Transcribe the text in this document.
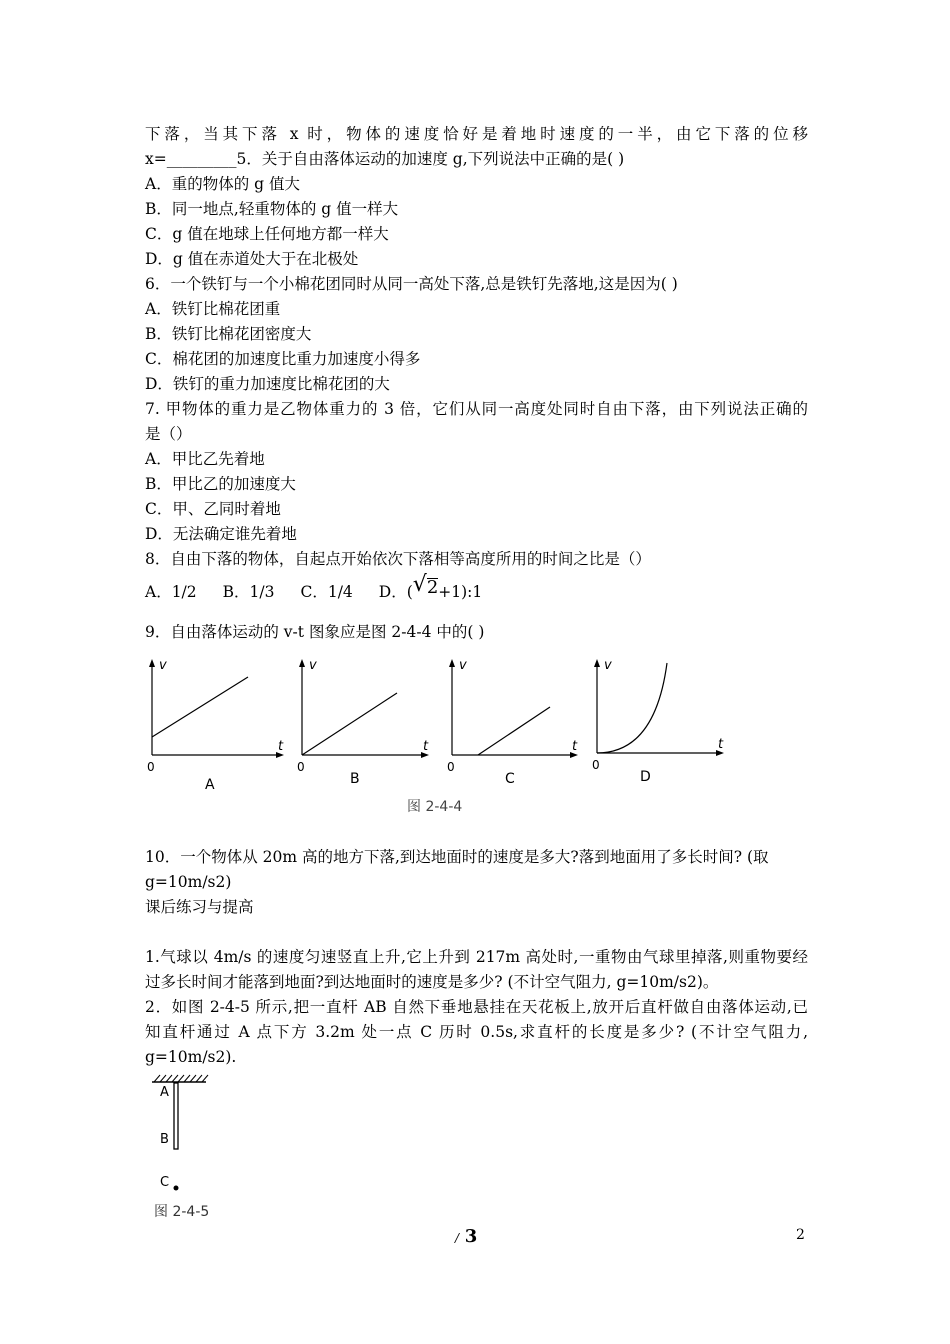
下落，当其下落 x 时，物体的速度恰好是着地时速度的一半，由它下落的位移
x=_________5．关于自由落体运动的加速度 g,下列说法中正确的是( )
A．重的物体的 g 值大
B．同一地点,轻重物体的 g 值一样大
C．g 值在地球上任何地方都一样大
D．g 值在赤道处大于在北极处
6．一个铁钉与一个小棉花团同时从同一高处下落,总是铁钉先落地,这是因为( )
A．铁钉比棉花团重
B．铁钉比棉花团密度大
C．棉花团的加速度比重力加速度小得多
D．铁钉的重力加速度比棉花团的大
7. 甲物体的重力是乙物体重力的 3 倍，它们从同一高度处同时自由下落，由下列说法正确的
是（）
A．甲比乙先着地
B．甲比乙的加速度大
C．甲、乙同时着地
D．无法确定谁先着地
8．自由下落的物体，自起点开始依次下落相等高度所用的时间之比是（）
A．1/2 B．1/3 C．1/4 D．(√2+1):1
9．自由落体运动的 v-t 图象应是图 2-4-4 中的( )
v
t
0
A
v
t
0
B
v
t
0
C
v
t
0
D
图 2-4-4
10．一个物体从 20m 高的地方下落,到达地面时的速度是多大?落到地面用了多长时间? (取
g=10m/s2)
课后练习与提高
1.气球以 4m/s 的速度匀速竖直上升,它上升到 217m 高处时,一重物由气球里掉落,则重物要经
过多长时间才能落到地面?到达地面时的速度是多少? (不计空气阻力, g=10m/s2)。
2．如图 2-4-5 所示,把一直杆 AB 自然下垂地悬挂在天花板上,放开后直杆做自由落体运动,已
知直杆通过 A 点下方 3.2m 处一点 C 历时 0.5s,求直杆的长度是多少? (不计空气阻力,
g=10m/s2).
A
B
C
图 2-4-5
/ 3	2
